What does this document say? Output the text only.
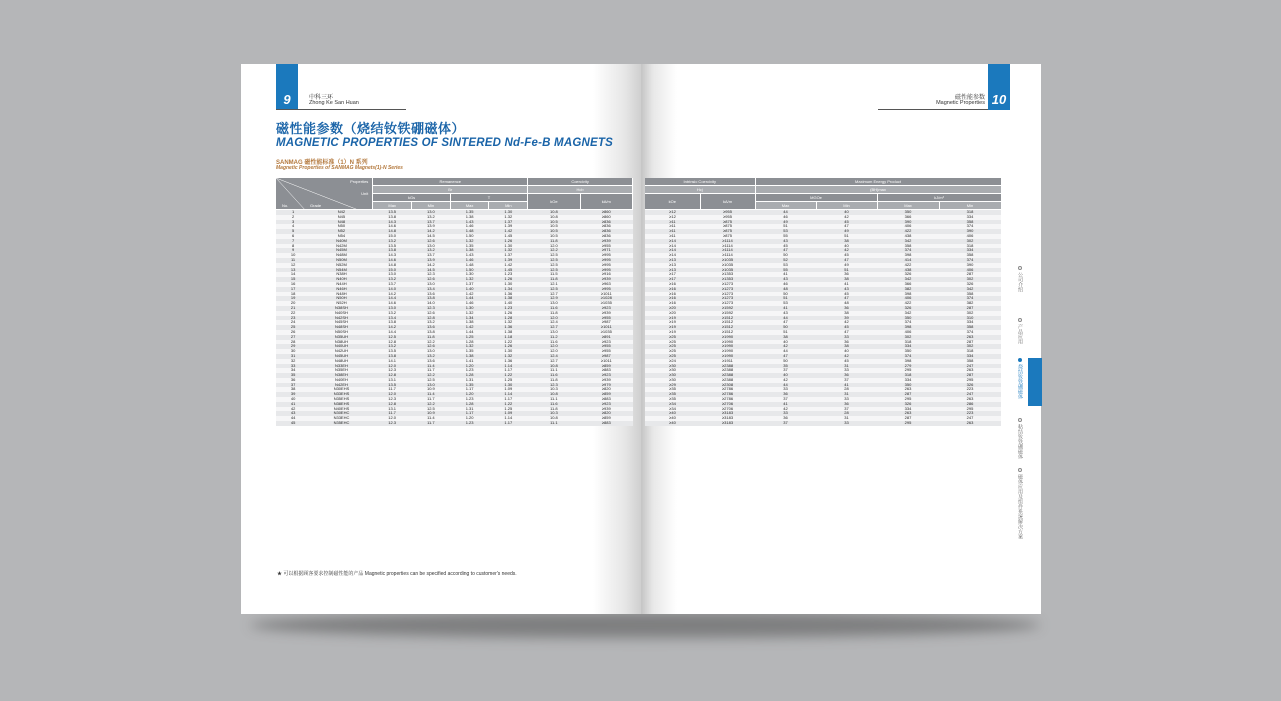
9	中科三环
Zhong Ke San Huan
磁性能参数（烧结钕铁硼磁体）
MAGNETIC PROPERTIES OF SINTERED Nd-Fe-B MAGNETS
SANMAG 磁性能标准（1）N 系列
Magnetic Properties of SANMAG Magnets(1)-N Series
Properties
Unit
No. Grade		Remanence				Coercivity	
		Br				Hcb	
		kGs		T		kOe	kA/m
		Max	Min	Max	Min		
1	N42	13.5	13.0	1.35	1.30	10.8	≥860
2	N45	13.8	13.2	1.38	1.32	10.8	≥860
3	N48	14.3	13.7	1.43	1.37	10.5	≥836
4	N50	14.6	13.9	1.46	1.39	10.5	≥836
5	N52	14.8	14.2	1.48	1.42	10.5	≥836
6	N54	15.0	14.5	1.50	1.45	10.5	≥836
7	N40M	13.2	12.6	1.32	1.26	11.8	≥939
8	N42M	13.5	13.0	1.35	1.30	12.0	≥955
9	N45M	13.8	13.2	1.38	1.32	12.2	≥971
10	N48M	14.3	13.7	1.43	1.37	12.5	≥995
11	N50M	14.6	13.9	1.46	1.39	12.5	≥995
12	N52M	14.8	14.2	1.48	1.42	12.5	≥995
13	N54M	15.0	14.5	1.50	1.45	12.5	≥995
14	N38H	13.0	12.3	1.30	1.23	11.5	≥916
15	N40H	13.2	12.6	1.32	1.26	11.8	≥939
16	N44H	13.7	13.0	1.37	1.30	12.1	≥963
17	N46H	14.0	13.4	1.40	1.34	12.5	≥995
18	N48H	14.2	13.6	1.42	1.36	12.7	≥1011
19	N50H	14.4	13.8	1.44	1.38	12.9	≥1028
20	N52H	14.6	14.0	1.46	1.40	13.0	≥1035
21	N38SH	13.0	12.3	1.30	1.23	11.6	≥923
22	N40SH	13.2	12.6	1.32	1.26	11.8	≥939
23	N42SH	13.4	12.8	1.34	1.28	12.0	≥955
24	N45SH	13.8	13.2	1.38	1.32	12.4	≥987
25	N48SH	14.2	13.6	1.42	1.36	12.7	≥1011
26	N50SH	14.4	13.8	1.44	1.38	13.0	≥1035
27	N35UH	12.5	11.8	1.25	1.18	11.2	≥891
28	N38UH	12.8	12.2	1.28	1.22	11.6	≥923
29	N40UH	13.2	12.6	1.32	1.26	12.0	≥955
30	N42UH	13.5	13.0	1.35	1.30	12.0	≥955
31	N45UH	13.8	13.2	1.38	1.32	12.4	≥987
32	N48UH	14.1	13.6	1.41	1.36	12.7	≥1011
33	N33EH	12.0	11.4	1.20	1.14	10.8	≥859
34	N35EH	12.3	11.7	1.23	1.17	11.1	≥883
35	N38EH	12.8	12.2	1.28	1.22	11.6	≥923
36	N40EH	13.1	12.5	1.31	1.25	11.8	≥939
37	N42EH	13.5	13.0	1.35	1.30	12.3	≥979
38	N30EHS	11.7	10.9	1.17	1.09	10.3	≥820
39	N33EHS	12.0	11.4	1.20	1.14	10.8	≥859
40	N35EHS	12.3	11.7	1.23	1.17	11.1	≥883
41	N38EHS	12.8	12.2	1.28	1.22	11.6	≥923
42	N40EHS	13.1	12.5	1.31	1.25	11.8	≥939
43	N30EHC	11.7	10.9	1.17	1.09	10.3	≥820
44	N33EHC	12.0	11.4	1.20	1.14	10.8	≥859
45	N35EHC	12.3	11.7	1.23	1.17	11.1	≥883
★ 可以根据顾客要求控制磁性能的产品 Magnetic properties can be specified according to customer's needs.
10
磁性能参数
Magnetic Properties
	Intrinsic Coercivity		Maximum Energy Product			
Hcj		(BH)max			
kOe	kA/m	MGOe		kJ/m³	
		Max	Min	Max	Min
	≥12	≥955	44	40	350	318
	≥12	≥955	46	42	366	334
	≥11	≥875	49	45	390	358
	≥11	≥875	51	47	406	374
	≥11	≥875	53	49	422	390
	≥11	≥875	55	51	438	406
	≥14	≥1114	43	38	342	302
	≥14	≥1114	45	40	358	318
	≥14	≥1114	47	42	374	334
	≥14	≥1114	50	45	398	358
	≥13	≥1035	52	47	414	374
	≥13	≥1035	53	49	422	390
	≥13	≥1035	55	51	438	406
	≥17	≥1353	41	36	326	287
	≥17	≥1353	43	38	342	302
	≥16	≥1273	46	41	366	326
	≥16	≥1273	48	43	382	342
	≥16	≥1273	50	45	398	358
	≥16	≥1273	51	47	406	374
	≥16	≥1273	53	48	422	382
	≥20	≥1592	41	36	326	287
	≥20	≥1592	43	38	342	302
	≥19	≥1512	44	39	350	310
	≥19	≥1512	47	42	374	334
	≥19	≥1512	50	45	398	358
	≥19	≥1512	51	47	406	374
	≥25	≥1990	38	33	302	263
	≥25	≥1990	40	36	318	287
	≥25	≥1990	42	38	334	302
	≥25	≥1990	44	40	350	318
	≥25	≥1990	47	42	374	334
	≥24	≥1911	50	45	398	358
	≥30	≥2388	35	31	279	247
	≥30	≥2388	37	33	295	263
	≥30	≥2388	40	36	318	287
	≥30	≥2388	42	37	334	295
	≥29	≥2308	44	41	350	326
	≥35	≥2786	33	28	263	223
	≥35	≥2786	36	31	287	247
	≥35	≥2786	37	33	295	263
	≥34	≥2706	41	36	326	286
	≥34	≥2706	42	37	334	295
	≥40	≥3183	33	28	263	223
	≥40	≥3183	36	31	287	247
	≥40	≥3183	37	33	295	263
公司介绍
产品应用
烧结钕铁硼磁体
粘结钕铁硼磁体
磁体应用及组件系统解决方案
